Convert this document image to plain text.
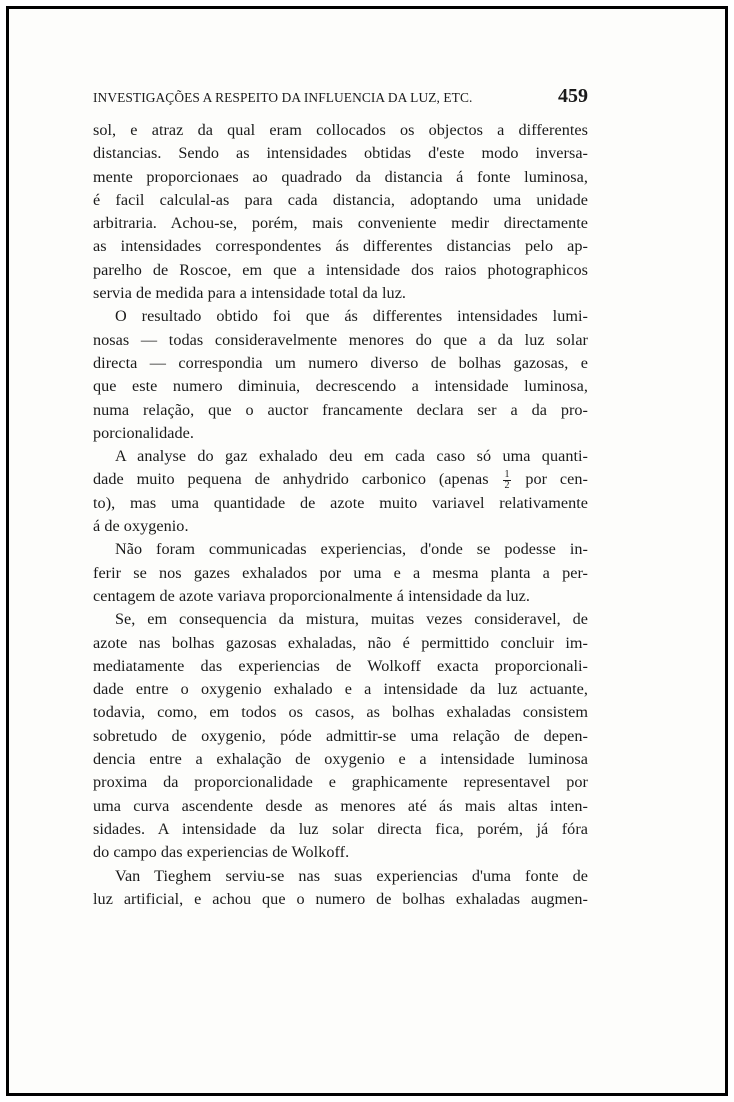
INVESTIGAÇÕES A RESPEITO DA INFLUENCIA DA LUZ, ETC.	459
sol, e atraz da qual eram collocados os objectos a differentes
distancias. Sendo as intensidades obtidas d'este modo inversa-
mente proporcionaes ao quadrado da distancia á fonte luminosa,
é facil calculal-as para cada distancia, adoptando uma unidade
arbitraria. Achou-se, porém, mais conveniente medir directamente
as intensidades correspondentes ás differentes distancias pelo ap-
parelho de Roscoe, em que a intensidade dos raios photographicos
servia de medida para a intensidade total da luz.
O resultado obtido foi que ás differentes intensidades lumi-
nosas — todas consideravelmente menores do que a da luz solar
directa — correspondia um numero diverso de bolhas gazosas, e
que este numero diminuia, decrescendo a intensidade luminosa,
numa relação, que o auctor francamente declara ser a da pro-
porcionalidade.
A analyse do gaz exhalado deu em cada caso só uma quanti-
dade muito pequena de anhydrido carbonico (apenas $\frac{1}{2}$ por cen-
to), mas uma quantidade de azote muito variavel relativamente
á de oxygenio.
Não foram communicadas experiencias, d'onde se podesse in-
ferir se nos gazes exhalados por uma e a mesma planta a per-
centagem de azote variava proporcionalmente á intensidade da luz.
Se, em consequencia da mistura, muitas vezes consideravel, de
azote nas bolhas gazosas exhaladas, não é permittido concluir im-
mediatamente das experiencias de Wolkoff exacta proporcionali-
dade entre o oxygenio exhalado e a intensidade da luz actuante,
todavia, como, em todos os casos, as bolhas exhaladas consistem
sobretudo de oxygenio, póde admittir-se uma relação de depen-
dencia entre a exhalação de oxygenio e a intensidade luminosa
proxima da proporcionalidade e graphicamente representavel por
uma curva ascendente desde as menores até ás mais altas inten-
sidades. A intensidade da luz solar directa fica, porém, já fóra
do campo das experiencias de Wolkoff.
Van Tieghem serviu-se nas suas experiencias d'uma fonte de
luz artificial, e achou que o numero de bolhas exhaladas augmen-
